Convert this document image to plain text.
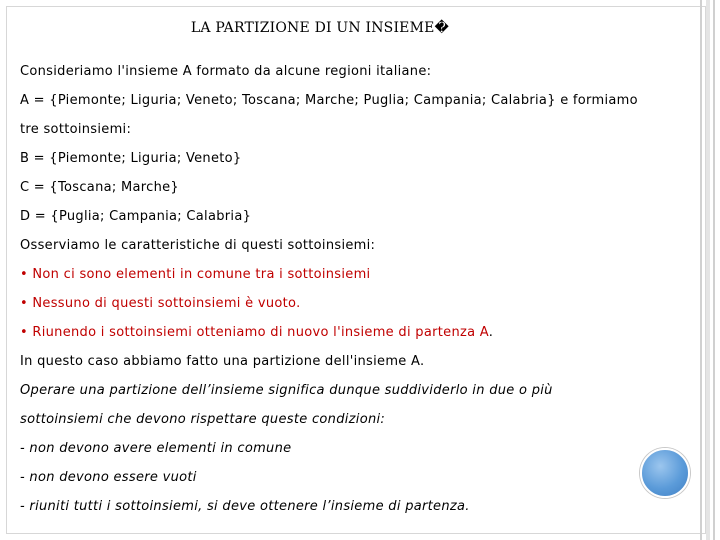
LA PARTIZIONE DI UN INSIEME�

Consideriamo l'insieme A formato da alcune regioni italiane:

A = {Piemonte; Liguria; Veneto; Toscana; Marche; Puglia; Campania; Calabria} e formiamo

tre sottoinsiemi:

B = {Piemonte; Liguria; Veneto}

C = {Toscana; Marche}

D = {Puglia; Campania; Calabria}

Osserviamo le caratteristiche di questi sottoinsiemi:

• Non ci sono elementi in comune tra i sottoinsiemi

• Nessuno di questi sottoinsiemi è vuoto.

• Riunendo i sottoinsiemi otteniamo di nuovo l'insieme di partenza A.

In questo caso abbiamo fatto una partizione dell'insieme A.

Operare una partizione dell’insieme significa dunque suddividerlo in due o più

sottoinsiemi che devono rispettare queste condizioni:

- non devono avere elementi in comune

- non devono essere vuoti

- riuniti tutti i sottoinsiemi, si deve ottenere l’insieme di partenza.
